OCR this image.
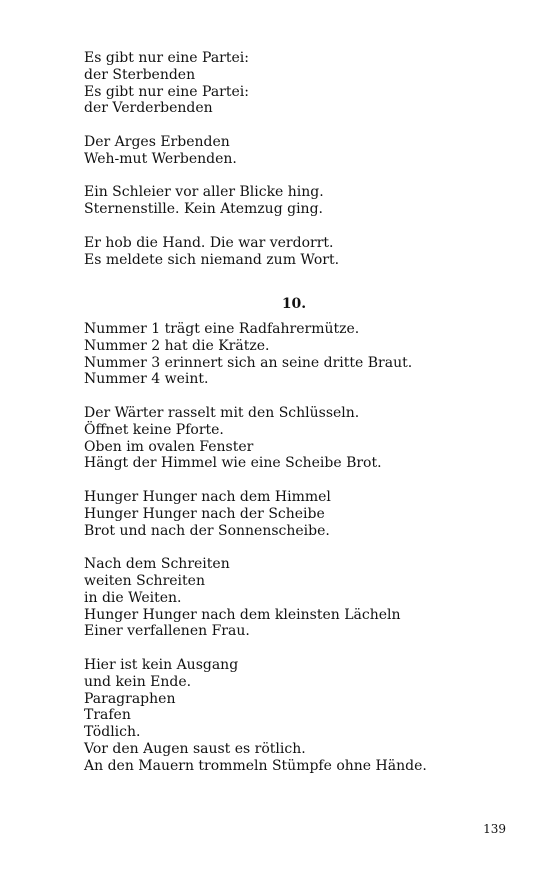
Es gibt nur eine Partei:
der Sterbenden
Es gibt nur eine Partei:
der Verderbenden
Der Arges Erbenden
Weh-mut Werbenden.
Ein Schleier vor aller Blicke hing.
Sternenstille. Kein Atemzug ging.
Er hob die Hand. Die war verdorrt.
Es meldete sich niemand zum Wort.
10.
Nummer 1 trägt eine Radfahrermütze.
Nummer 2 hat die Krätze.
Nummer 3 erinnert sich an seine dritte Braut.
Nummer 4 weint.
Der Wärter rasselt mit den Schlüsseln.
Öffnet keine Pforte.
Oben im ovalen Fenster
Hängt der Himmel wie eine Scheibe Brot.
Hunger Hunger nach dem Himmel
Hunger Hunger nach der Scheibe
Brot und nach der Sonnenscheibe.
Nach dem Schreiten
weiten Schreiten
in die Weiten.
Hunger Hunger nach dem kleinsten Lächeln
Einer verfallenen Frau.
Hier ist kein Ausgang
und kein Ende.
Paragraphen
Trafen
Tödlich.
Vor den Augen saust es rötlich.
An den Mauern trommeln Stümpfe ohne Hände.
139
